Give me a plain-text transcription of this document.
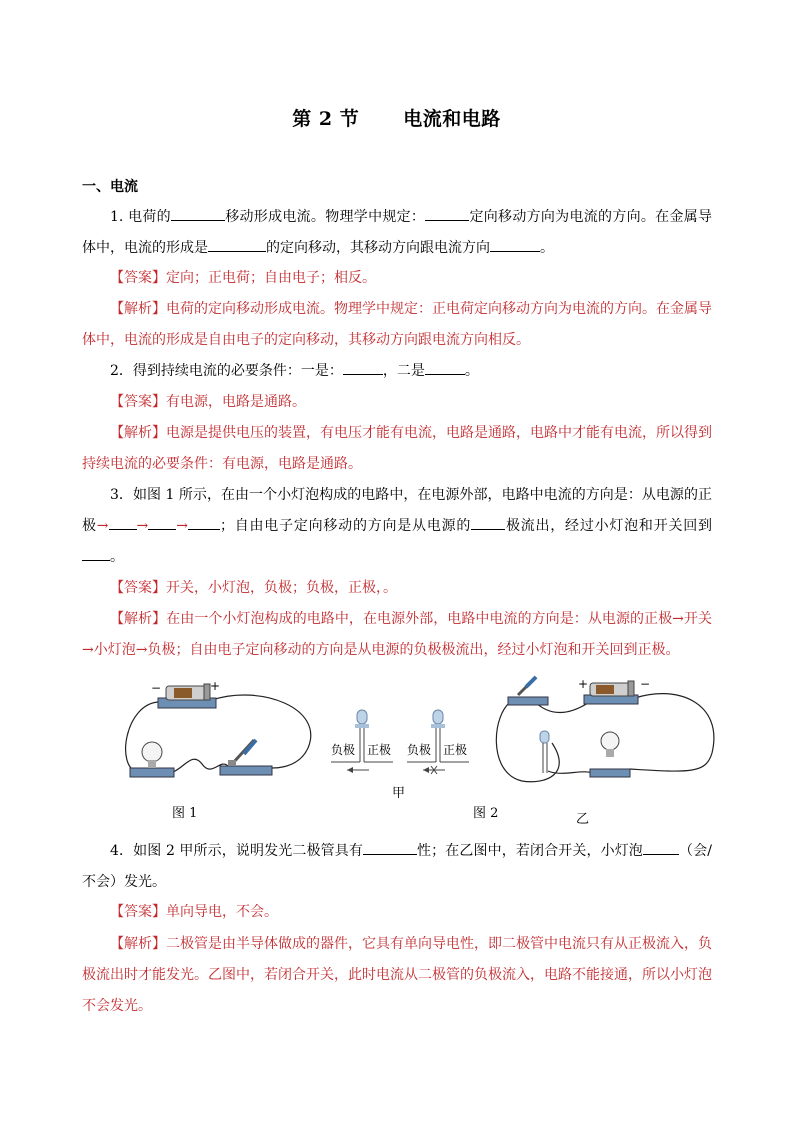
第 2 节 电流和电路
一、电流
1. 电荷的	移动形成电流。物理学中规定：	定向移动方向为电流的方向。在金属导体中，电流的形成是	的定向移动，其移动方向跟电流方向	。
【答案】定向；正电荷；自由电子；相反。
【解析】电荷的定向移动形成电流。物理学中规定：正电荷定向移动方向为电流的方向。在金属导体中，电流的形成是自由电子的定向移动，其移动方向跟电流方向相反。
2．得到持续电流的必要条件：一是：	，二是	。
【答案】有电源，电路是通路。
【解析】电源是提供电压的装置，有电压才能有电流，电路是通路，电路中才能有电流，所以得到持续电流的必要条件：有电源，电路是通路。
3．如图 1 所示，在由一个小灯泡构成的电路中，在电源外部，电路中电流的方向是：从电源的正极→ → → ；自由电子定向移动的方向是从电源的 极流出，经过小灯泡和开关回到。
【答案】开关，小灯泡，负极；负极，正极，。
【解析】在由一个小灯泡构成的电路中，在电源外部，电路中电流的方向是：从电源的正极→开关→小灯泡→负极；自由电子定向移动的方向是从电源的负极极流出，经过小灯泡和开关回到正极。
−	+
负极 正极 负极 正极
+	−
图 1
甲
图 2	乙
4．如图 2 甲所示，说明发光二极管具有	性；在乙图中，若闭合开关，小灯泡	（会/不会）发光。
【答案】单向导电，不会。
【解析】二极管是由半导体做成的器件，它具有单向导电性，即二极管中电流只有从正极流入，负极流出时才能发光。乙图中，若闭合开关，此时电流从二极管的负极流入，电路不能接通，所以小灯泡不会发光。
